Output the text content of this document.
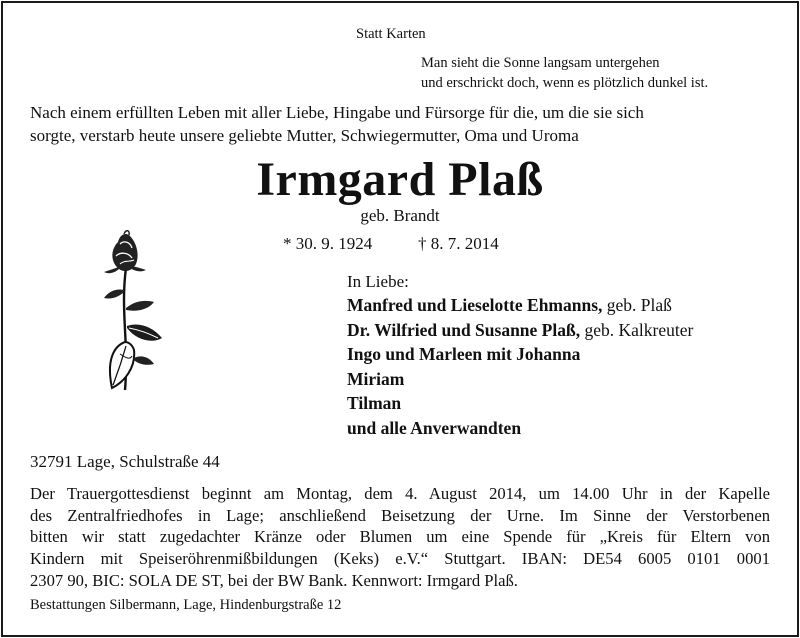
Statt Karten
Man sieht die Sonne langsam untergehen
und erschrickt doch, wenn es plötzlich dunkel ist.
Nach einem erfüllten Leben mit aller Liebe, Hingabe und Fürsorge für die, um die sie sich
sorgte, verstarb heute unsere geliebte Mutter, Schwiegermutter, Oma und Uroma
Irmgard Plaß
geb. Brandt
* 30. 9. 1924	† 8. 7. 2014
In Liebe:
Manfred und Lieselotte Ehmanns, geb. Plaß
Dr. Wilfried und Susanne Plaß, geb. Kalkreuter
Ingo und Marleen mit Johanna
Miriam
Tilman
und alle Anverwandten
32791 Lage, Schulstraße 44
Der Trauergottesdienst beginnt am Montag, dem 4. August 2014, um 14.00 Uhr in der Kapelle
des Zentralfriedhofes in Lage; anschließend Beisetzung der Urne. Im Sinne der Verstorbenen
bitten wir statt zugedachter Kränze oder Blumen um eine Spende für „Kreis für Eltern von
Kindern mit Speiseröhrenmißbildungen (Keks) e.V.“ Stuttgart. IBAN: DE54 6005 0101 0001
2307 90, BIC: SOLA DE ST, bei der BW Bank. Kennwort: Irmgard Plaß.
Bestattungen Silbermann, Lage, Hindenburgstraße 12
